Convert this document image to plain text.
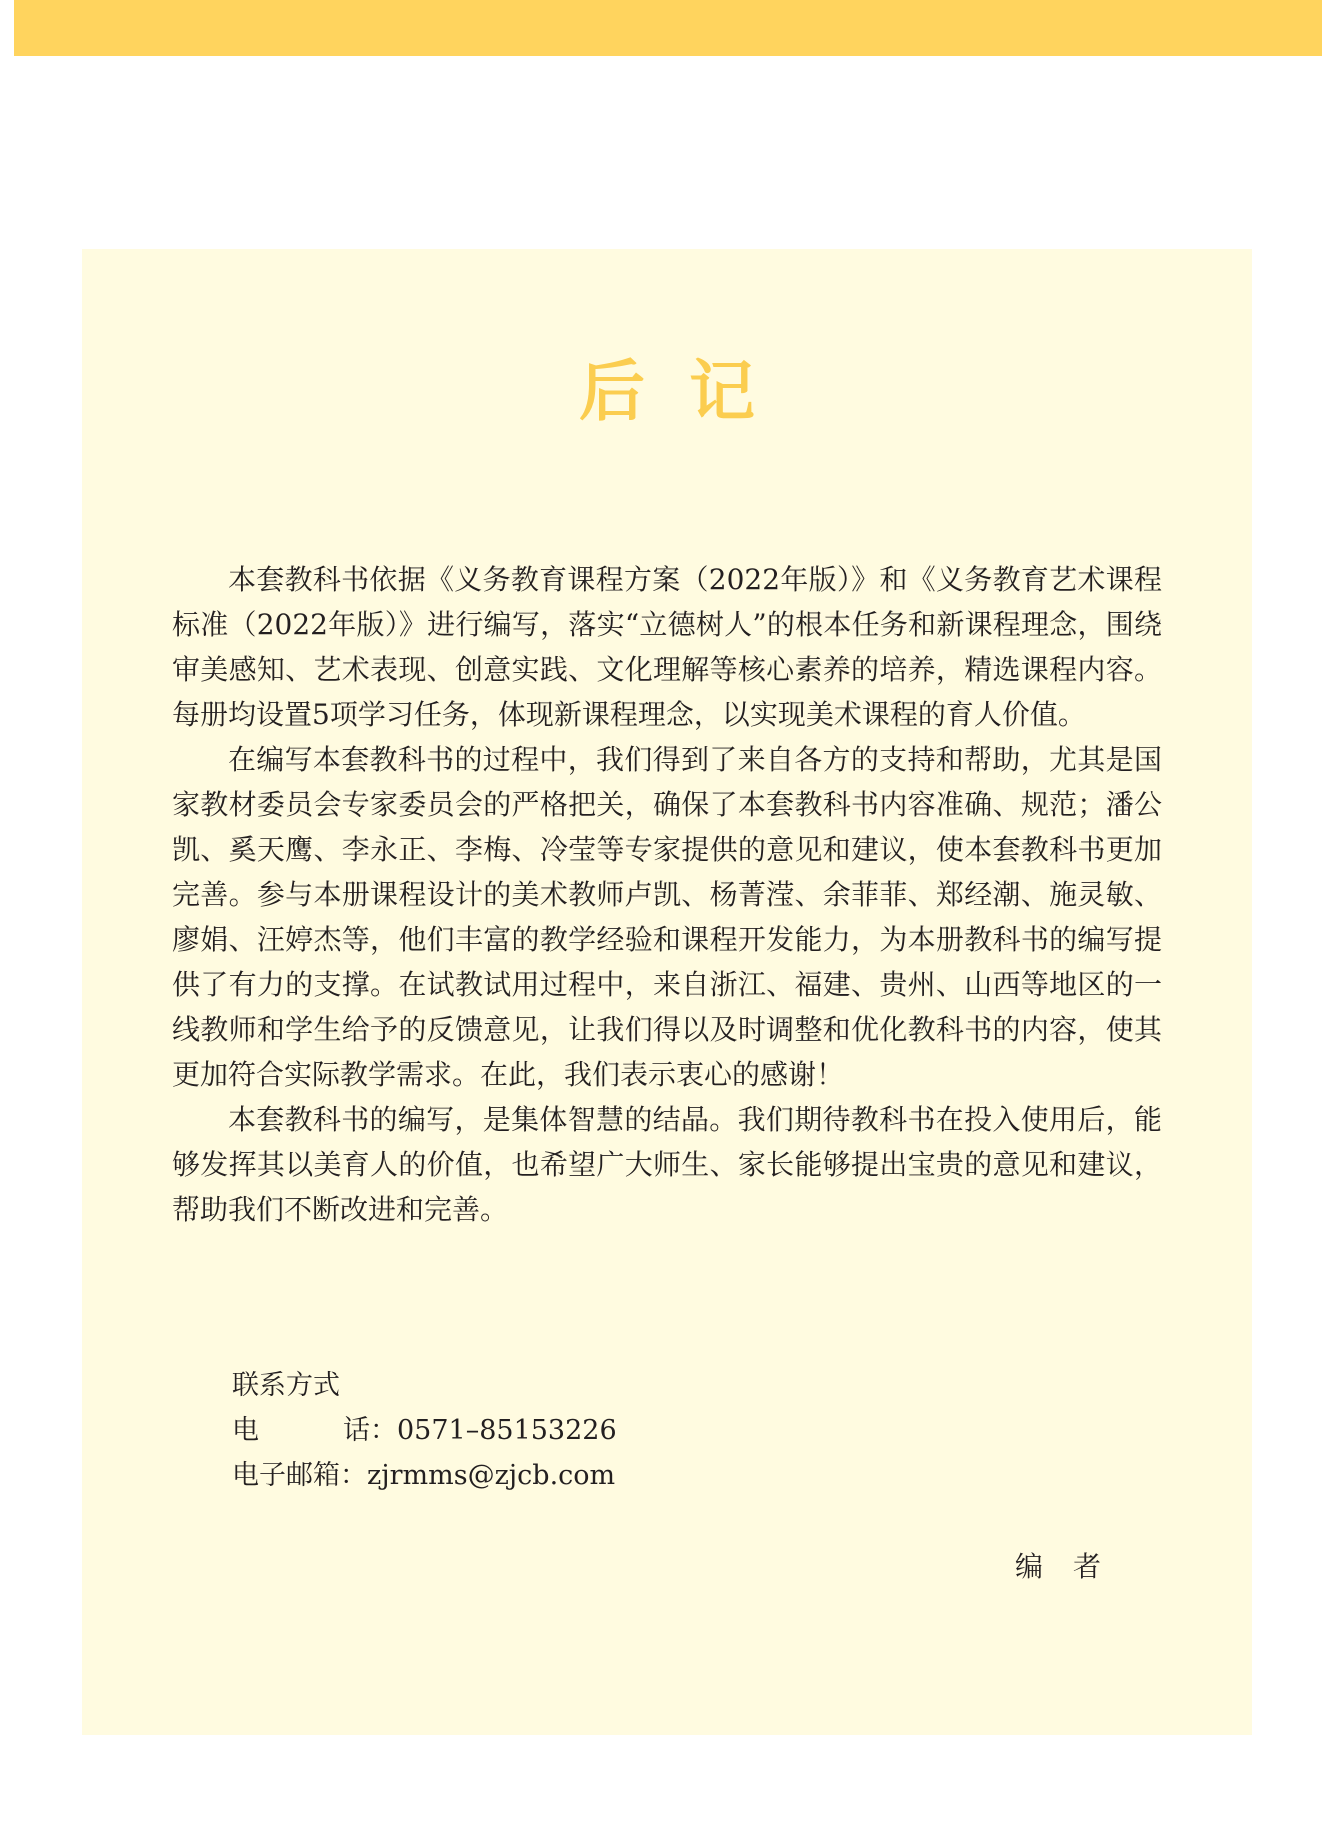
后记

本套教科书依据《义务教育课程方案（2022年版）》和《义务教育艺术课程标准（2022年版）》进行编写，落实“立德树人”的根本任务和新课程理念，围绕审美感知、艺术表现、创意实践、文化理解等核心素养的培养，精选课程内容。每册均设置5项学习任务，体现新课程理念，以实现美术课程的育人价值。

在编写本套教科书的过程中，我们得到了来自各方的支持和帮助，尤其是国家教材委员会专家委员会的严格把关，确保了本套教科书内容准确、规范；潘公凯、奚天鹰、李永正、李梅、冷莹等专家提供的意见和建议，使本套教科书更加完善。参与本册课程设计的美术教师卢凯、杨菁滢、余菲菲、郑经潮、施灵敏、廖娟、汪婷杰等，他们丰富的教学经验和课程开发能力，为本册教科书的编写提供了有力的支撑。在试教试用过程中，来自浙江、福建、贵州、山西等地区的一线教师和学生给予的反馈意见，让我们得以及时调整和优化教科书的内容，使其更加符合实际教学需求。在此，我们表示衷心的感谢！

本套教科书的编写，是集体智慧的结晶。我们期待教科书在投入使用后，能够发挥其以美育人的价值，也希望广大师生、家长能够提出宝贵的意见和建议，帮助我们不断改进和完善。

联系方式
电	话：0571–85153226
电子邮箱：zjrmms@zjcb.com
编 者
